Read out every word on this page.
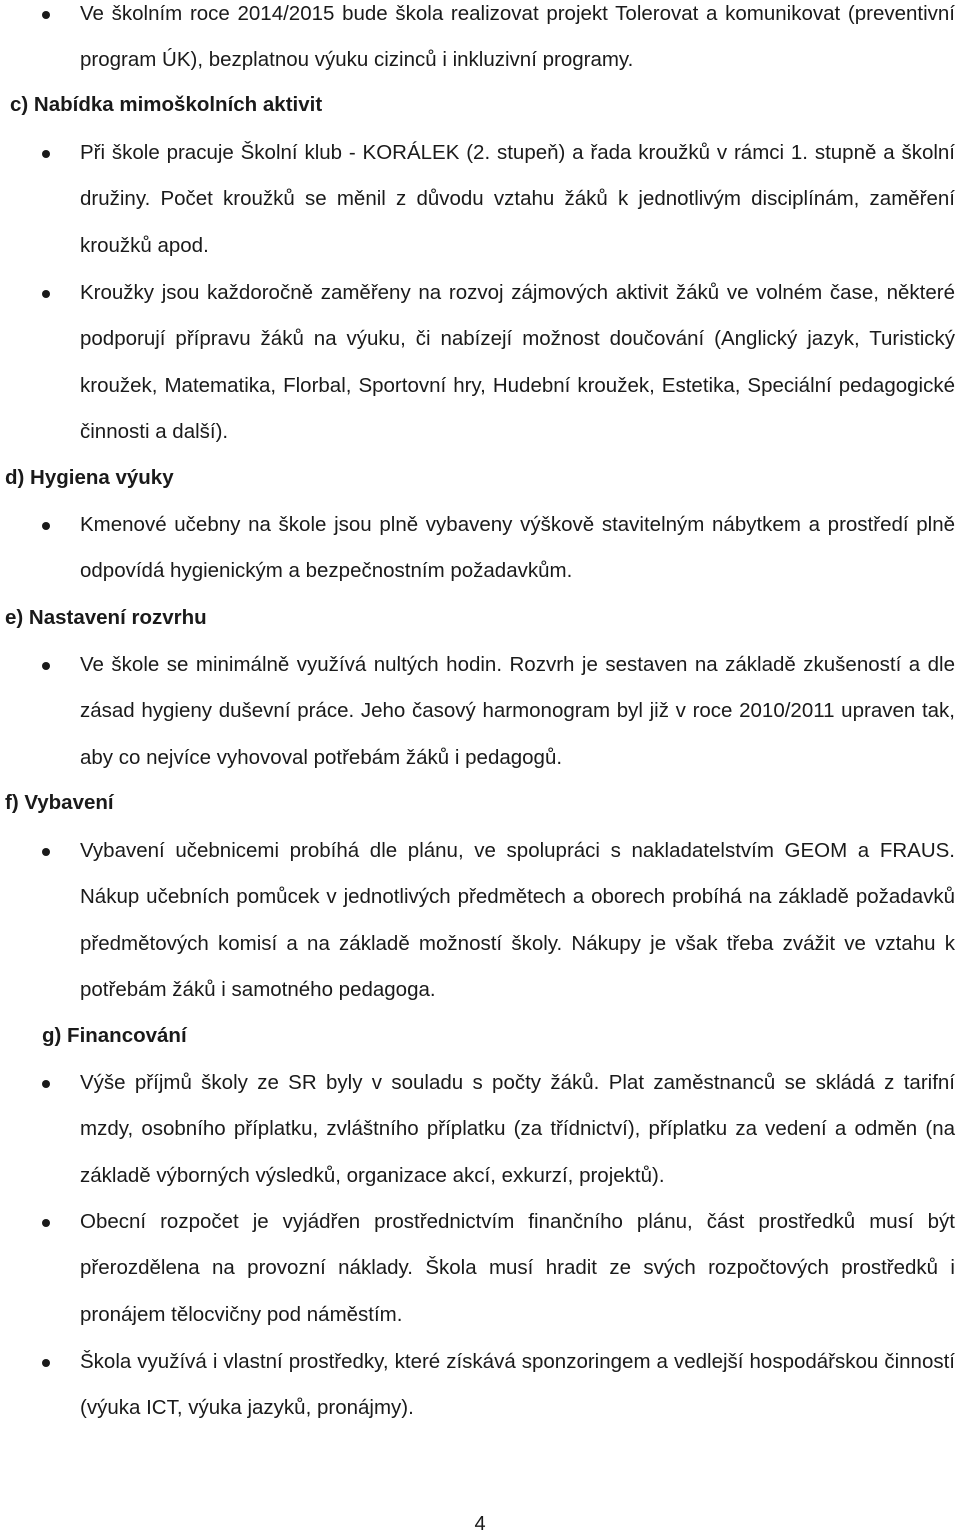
Ve školním roce 2014/2015 bude škola realizovat projekt Tolerovat a komunikovat (preventivní program ÚK), bezplatnou výuku cizinců i inkluzivní programy.

c) Nabídka mimoškolních aktivit

Při škole pracuje Školní klub - KORÁLEK (2. stupeň) a řada kroužků v rámci 1. stupně a školní družiny. Počet kroužků se měnil z důvodu vztahu žáků k jednotlivým disciplínám, zaměření kroužků apod.

Kroužky jsou každoročně zaměřeny na rozvoj zájmových aktivit žáků ve volném čase, některé podporují přípravu žáků na výuku, či nabízejí možnost doučování (Anglický jazyk, Turistický kroužek, Matematika, Florbal, Sportovní hry, Hudební kroužek, Estetika, Speciální pedagogické činnosti a další).

d) Hygiena výuky

Kmenové učebny na škole jsou plně vybaveny výškově stavitelným nábytkem a prostředí plně odpovídá hygienickým a bezpečnostním požadavkům.

e) Nastavení rozvrhu

Ve škole se minimálně využívá nultých hodin. Rozvrh je sestaven na základě zkušeností a dle zásad hygieny duševní práce. Jeho časový harmonogram byl již v roce 2010/2011 upraven tak, aby co nejvíce vyhovoval potřebám žáků i pedagogů.

f) Vybavení

Vybavení učebnicemi probíhá dle plánu, ve spolupráci s nakladatelstvím GEOM a FRAUS. Nákup učebních pomůcek v jednotlivých předmětech a oborech probíhá na základě požadavků předmětových komisí a na základě možností školy. Nákupy je však třeba zvážit ve vztahu k potřebám žáků i samotného pedagoga.

g) Financování

Výše příjmů školy ze SR byly v souladu s počty žáků. Plat zaměstnanců se skládá z tarifní mzdy, osobního příplatku, zvláštního příplatku (za třídnictví), příplatku za vedení a odměn (na základě výborných výsledků, organizace akcí, exkurzí, projektů).

Obecní rozpočet je vyjádřen prostřednictvím finančního plánu, část prostředků musí být přerozdělena na provozní náklady. Škola musí hradit ze svých rozpočtových prostředků i pronájem tělocvičny pod náměstím.

Škola využívá i vlastní prostředky, které získává sponzoringem a vedlejší hospodářskou činností (výuka ICT, výuka jazyků, pronájmy).

4
